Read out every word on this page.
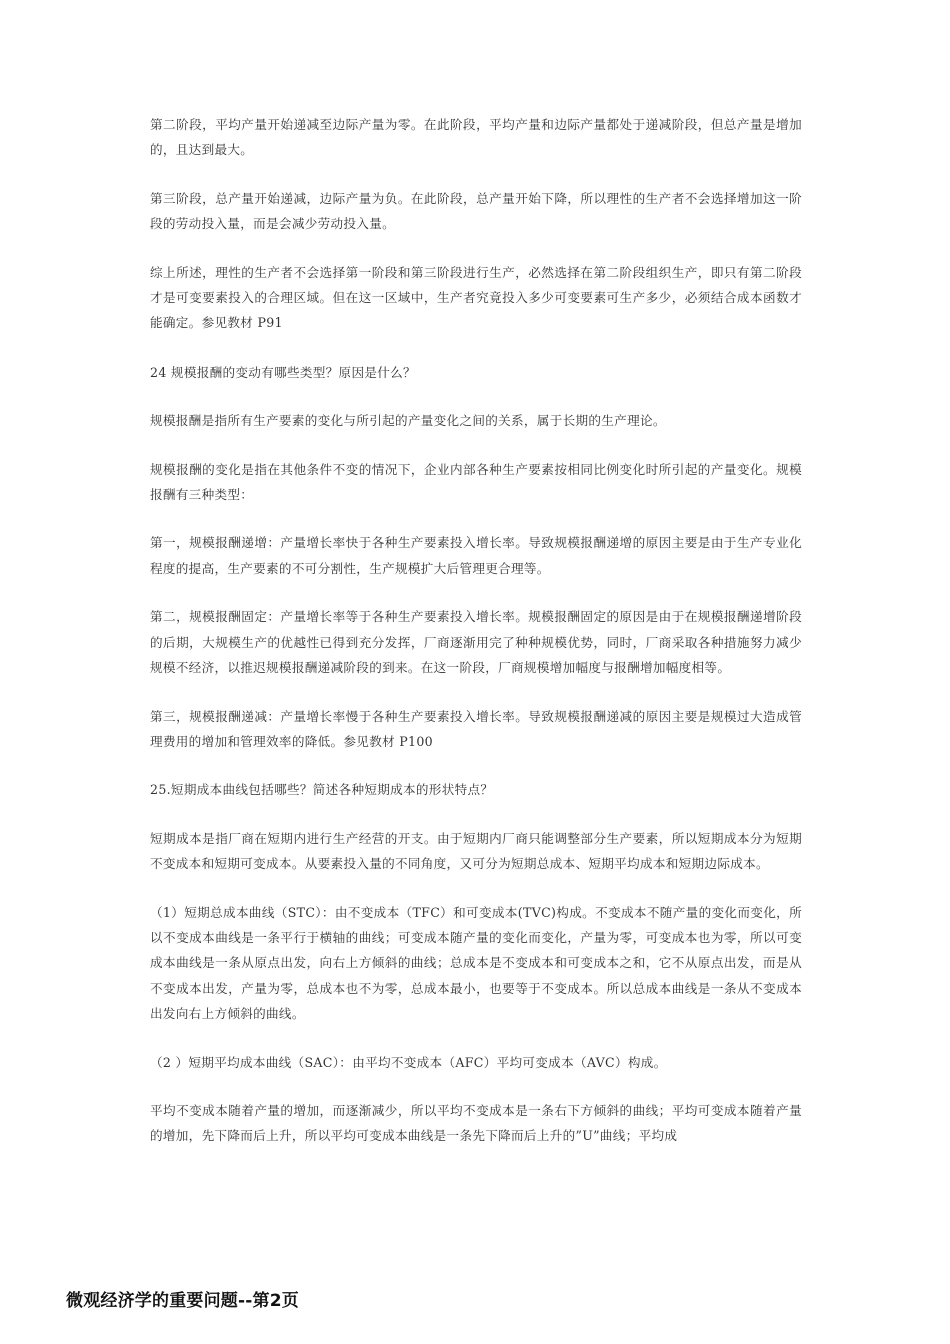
第二阶段，平均产量开始递减至边际产量为零。在此阶段，平均产量和边际产量都处于递减阶段，但总产量是增加的，且达到最大。

第三阶段，总产量开始递减，边际产量为负。在此阶段，总产量开始下降，所以理性的生产者不会选择增加这一阶段的劳动投入量，而是会减少劳动投入量。

综上所述，理性的生产者不会选择第一阶段和第三阶段进行生产，必然选择在第二阶段组织生产，即只有第二阶段才是可变要素投入的合理区域。但在这一区域中，生产者究竟投入多少可变要素可生产多少，必须结合成本函数才能确定。参见教材 P91

24 规模报酬的变动有哪些类型？原因是什么？

规模报酬是指所有生产要素的变化与所引起的产量变化之间的关系，属于长期的生产理论。

规模报酬的变化是指在其他条件不变的情况下，企业内部各种生产要素按相同比例变化时所引起的产量变化。规模报酬有三种类型：

第一，规模报酬递增：产量增长率快于各种生产要素投入增长率。导致规模报酬递增的原因主要是由于生产专业化程度的提高，生产要素的不可分割性，生产规模扩大后管理更合理等。

第二，规模报酬固定：产量增长率等于各种生产要素投入增长率。规模报酬固定的原因是由于在规模报酬递增阶段的后期，大规模生产的优越性已得到充分发挥，厂商逐渐用完了种种规模优势，同时，厂商采取各种措施努力减少规模不经济，以推迟规模报酬递减阶段的到来。在这一阶段，厂商规模增加幅度与报酬增加幅度相等。

第三，规模报酬递减：产量增长率慢于各种生产要素投入增长率。导致规模报酬递减的原因主要是规模过大造成管理费用的增加和管理效率的降低。参见教材 P100

25.短期成本曲线包括哪些？简述各种短期成本的形状特点？

短期成本是指厂商在短期内进行生产经营的开支。由于短期内厂商只能调整部分生产要素，所以短期成本分为短期不变成本和短期可变成本。从要素投入量的不同角度，又可分为短期总成本、短期平均成本和短期边际成本。

（1）短期总成本曲线（STC）：由不变成本（TFC）和可变成本(TVC)构成。不变成本不随产量的变化而变化，所以不变成本曲线是一条平行于横轴的曲线；可变成本随产量的变化而变化，产量为零，可变成本也为零，所以可变成本曲线是一条从原点出发，向右上方倾斜的曲线；总成本是不变成本和可变成本之和，它不从原点出发，而是从不变成本出发，产量为零，总成本也不为零，总成本最小，也要等于不变成本。所以总成本曲线是一条从不变成本出发向右上方倾斜的曲线。

（2 ）短期平均成本曲线（SAC）：由平均不变成本（AFC）平均可变成本（AVC）构成。

平均不变成本随着产量的增加，而逐渐减少，所以平均不变成本是一条右下方倾斜的曲线；平均可变成本随着产量的增加，先下降而后上升，所以平均可变成本曲线是一条先下降而后上升的”U”曲线；平均成

微观经济学的重要问题--第2页
